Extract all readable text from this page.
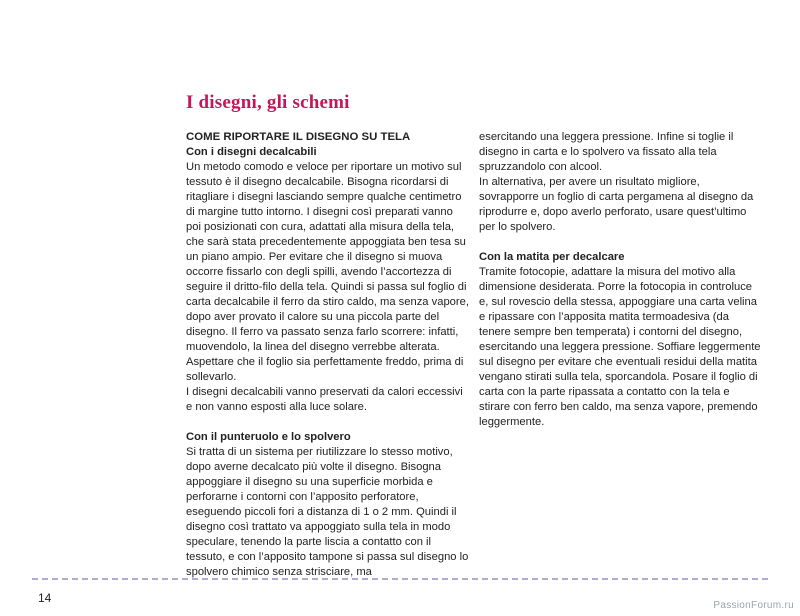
I disegni, gli schemi

COME RIPORTARE IL DISEGNO SU TELA

Con i disegni decalcabili

Un metodo comodo e veloce per riportare un motivo sul tessuto è il disegno decalcabile. Bisogna ricordarsi di ritagliare i disegni lasciando sempre qualche centimetro di margine tutto intorno. I disegni così preparati vanno poi posizionati con cura, adattati alla misura della tela, che sarà stata precedentemente appoggiata ben tesa su un piano ampio. Per evitare che il disegno si muova occorre fissarlo con degli spilli, avendo l’accortezza di seguire il dritto-filo della tela. Quindi si passa sul foglio di carta decalcabile il ferro da stiro caldo, ma senza vapore, dopo aver provato il calore su una piccola parte del disegno. Il ferro va passato senza farlo scorrere: infatti, muovendolo, la linea del disegno verrebbe alterata. Aspettare che il foglio sia perfettamente freddo, prima di sollevarlo.

I disegni decalcabili vanno preservati da calori eccessivi e non vanno esposti alla luce solare.

Con il punteruolo e lo spolvero

Si tratta di un sistema per riutilizzare lo stesso motivo, dopo averne decalcato più volte il disegno. Bisogna appoggiare il disegno su una superficie morbida e perforarne i contorni con l’apposito perforatore, eseguendo piccoli fori a distanza di 1 o 2 mm. Quindi il disegno così trattato va appoggiato sulla tela in modo speculare, tenendo la parte liscia a contatto con il tessuto, e con l’apposito tampone si passa sul disegno lo spolvero chimico senza strisciare, ma

esercitando una leggera pressione. Infine si toglie il disegno in carta e lo spolvero va fissato alla tela spruzzandolo con alcool.

In alternativa, per avere un risultato migliore, sovrapporre un foglio di carta pergamena al disegno da riprodurre e, dopo averlo perforato, usare quest’ultimo per lo spolvero.

Con la matita per decalcare

Tramite fotocopie, adattare la misura del motivo alla dimensione desiderata. Porre la fotocopia in controluce e, sul rovescio della stessa, appoggiare una carta velina e ripassare con l’apposita matita termoadesiva (da tenere sempre ben temperata) i contorni del disegno, esercitando una leggera pressione. Soffiare leggermente sul disegno per evitare che eventuali residui della matita vengano stirati sulla tela, sporcandola. Posare il foglio di carta con la parte ripassata a contatto con la tela e stirare con ferro ben caldo, ma senza vapore, premendo leggermente.

14
PassionForum.ru
